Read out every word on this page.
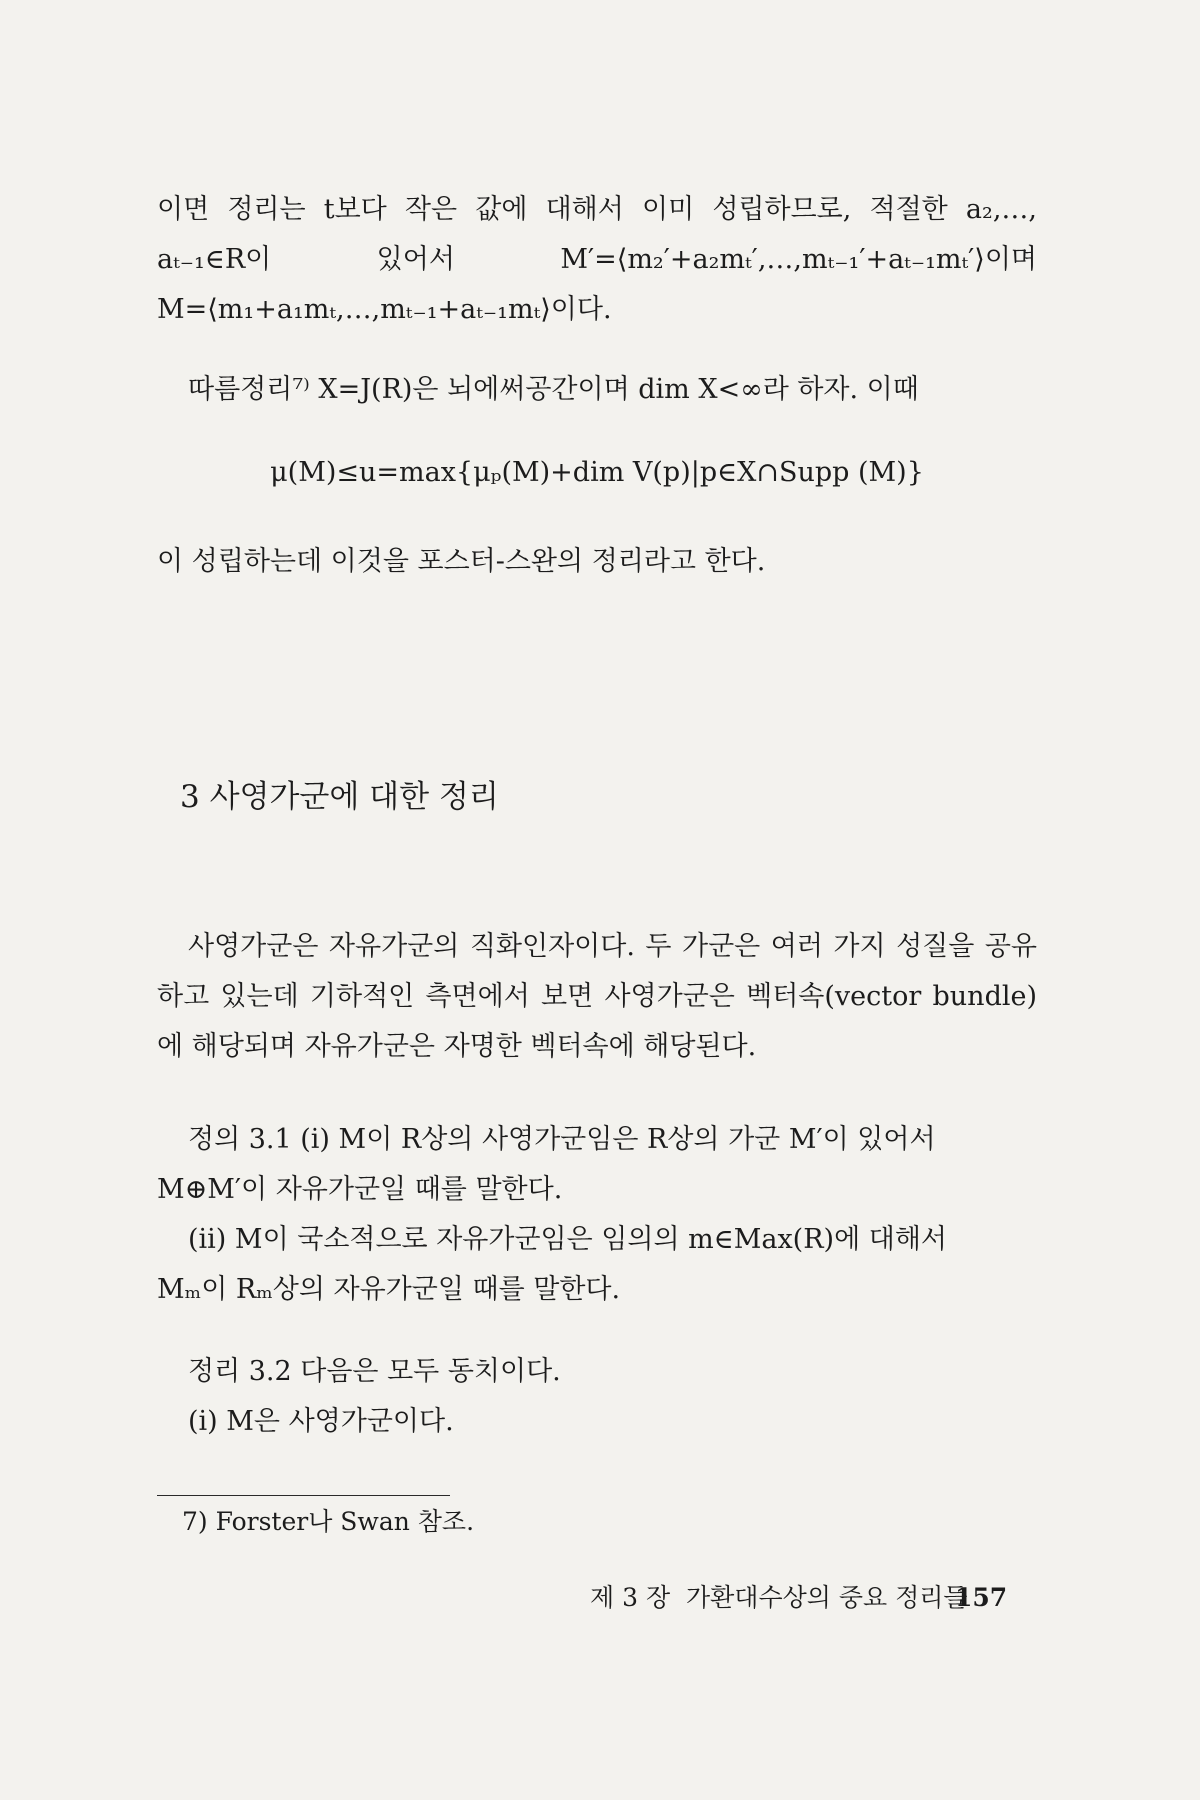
이면 정리는 t보다 작은 값에 대해서 이미 성립하므로, 적절한 a₂,…, aₜ₋₁∈R이 있어서 M′=⟨m₂′+a₂mₜ′,…,mₜ₋₁′+aₜ₋₁mₜ′⟩이며 M=⟨m₁+a₁mₜ,…,mₜ₋₁+aₜ₋₁mₜ⟩이다.

따름정리⁷⁾ X=J(R)은 뇌에써공간이며 dim X<∞라 하자. 이때

μ(M)≤u=max{μₚ(M)+dim V(p)|p∈X∩Supp (M)}

이 성립하는데 이것을 포스터-스완의 정리라고 한다.

3 사영가군에 대한 정리

사영가군은 자유가군의 직화인자이다. 두 가군은 여러 가지 성질을 공유하고 있는데 기하적인 측면에서 보면 사영가군은 벡터속(vector bundle)에 해당되며 자유가군은 자명한 벡터속에 해당된다.

정의 3.1 (i) M이 R상의 사영가군임은 R상의 가군 M′이 있어서
M⊕M′이 자유가군일 때를 말한다.
(ii) M이 국소적으로 자유가군임은 임의의 m∈Max(R)에 대해서
Mₘ이 Rₘ상의 자유가군일 때를 말한다.
정리 3.2 다음은 모두 동치이다.
(i) M은 사영가군이다.

7) Forster나 Swan 참조.

제 3 장  가환대수상의 중요 정리들

157
